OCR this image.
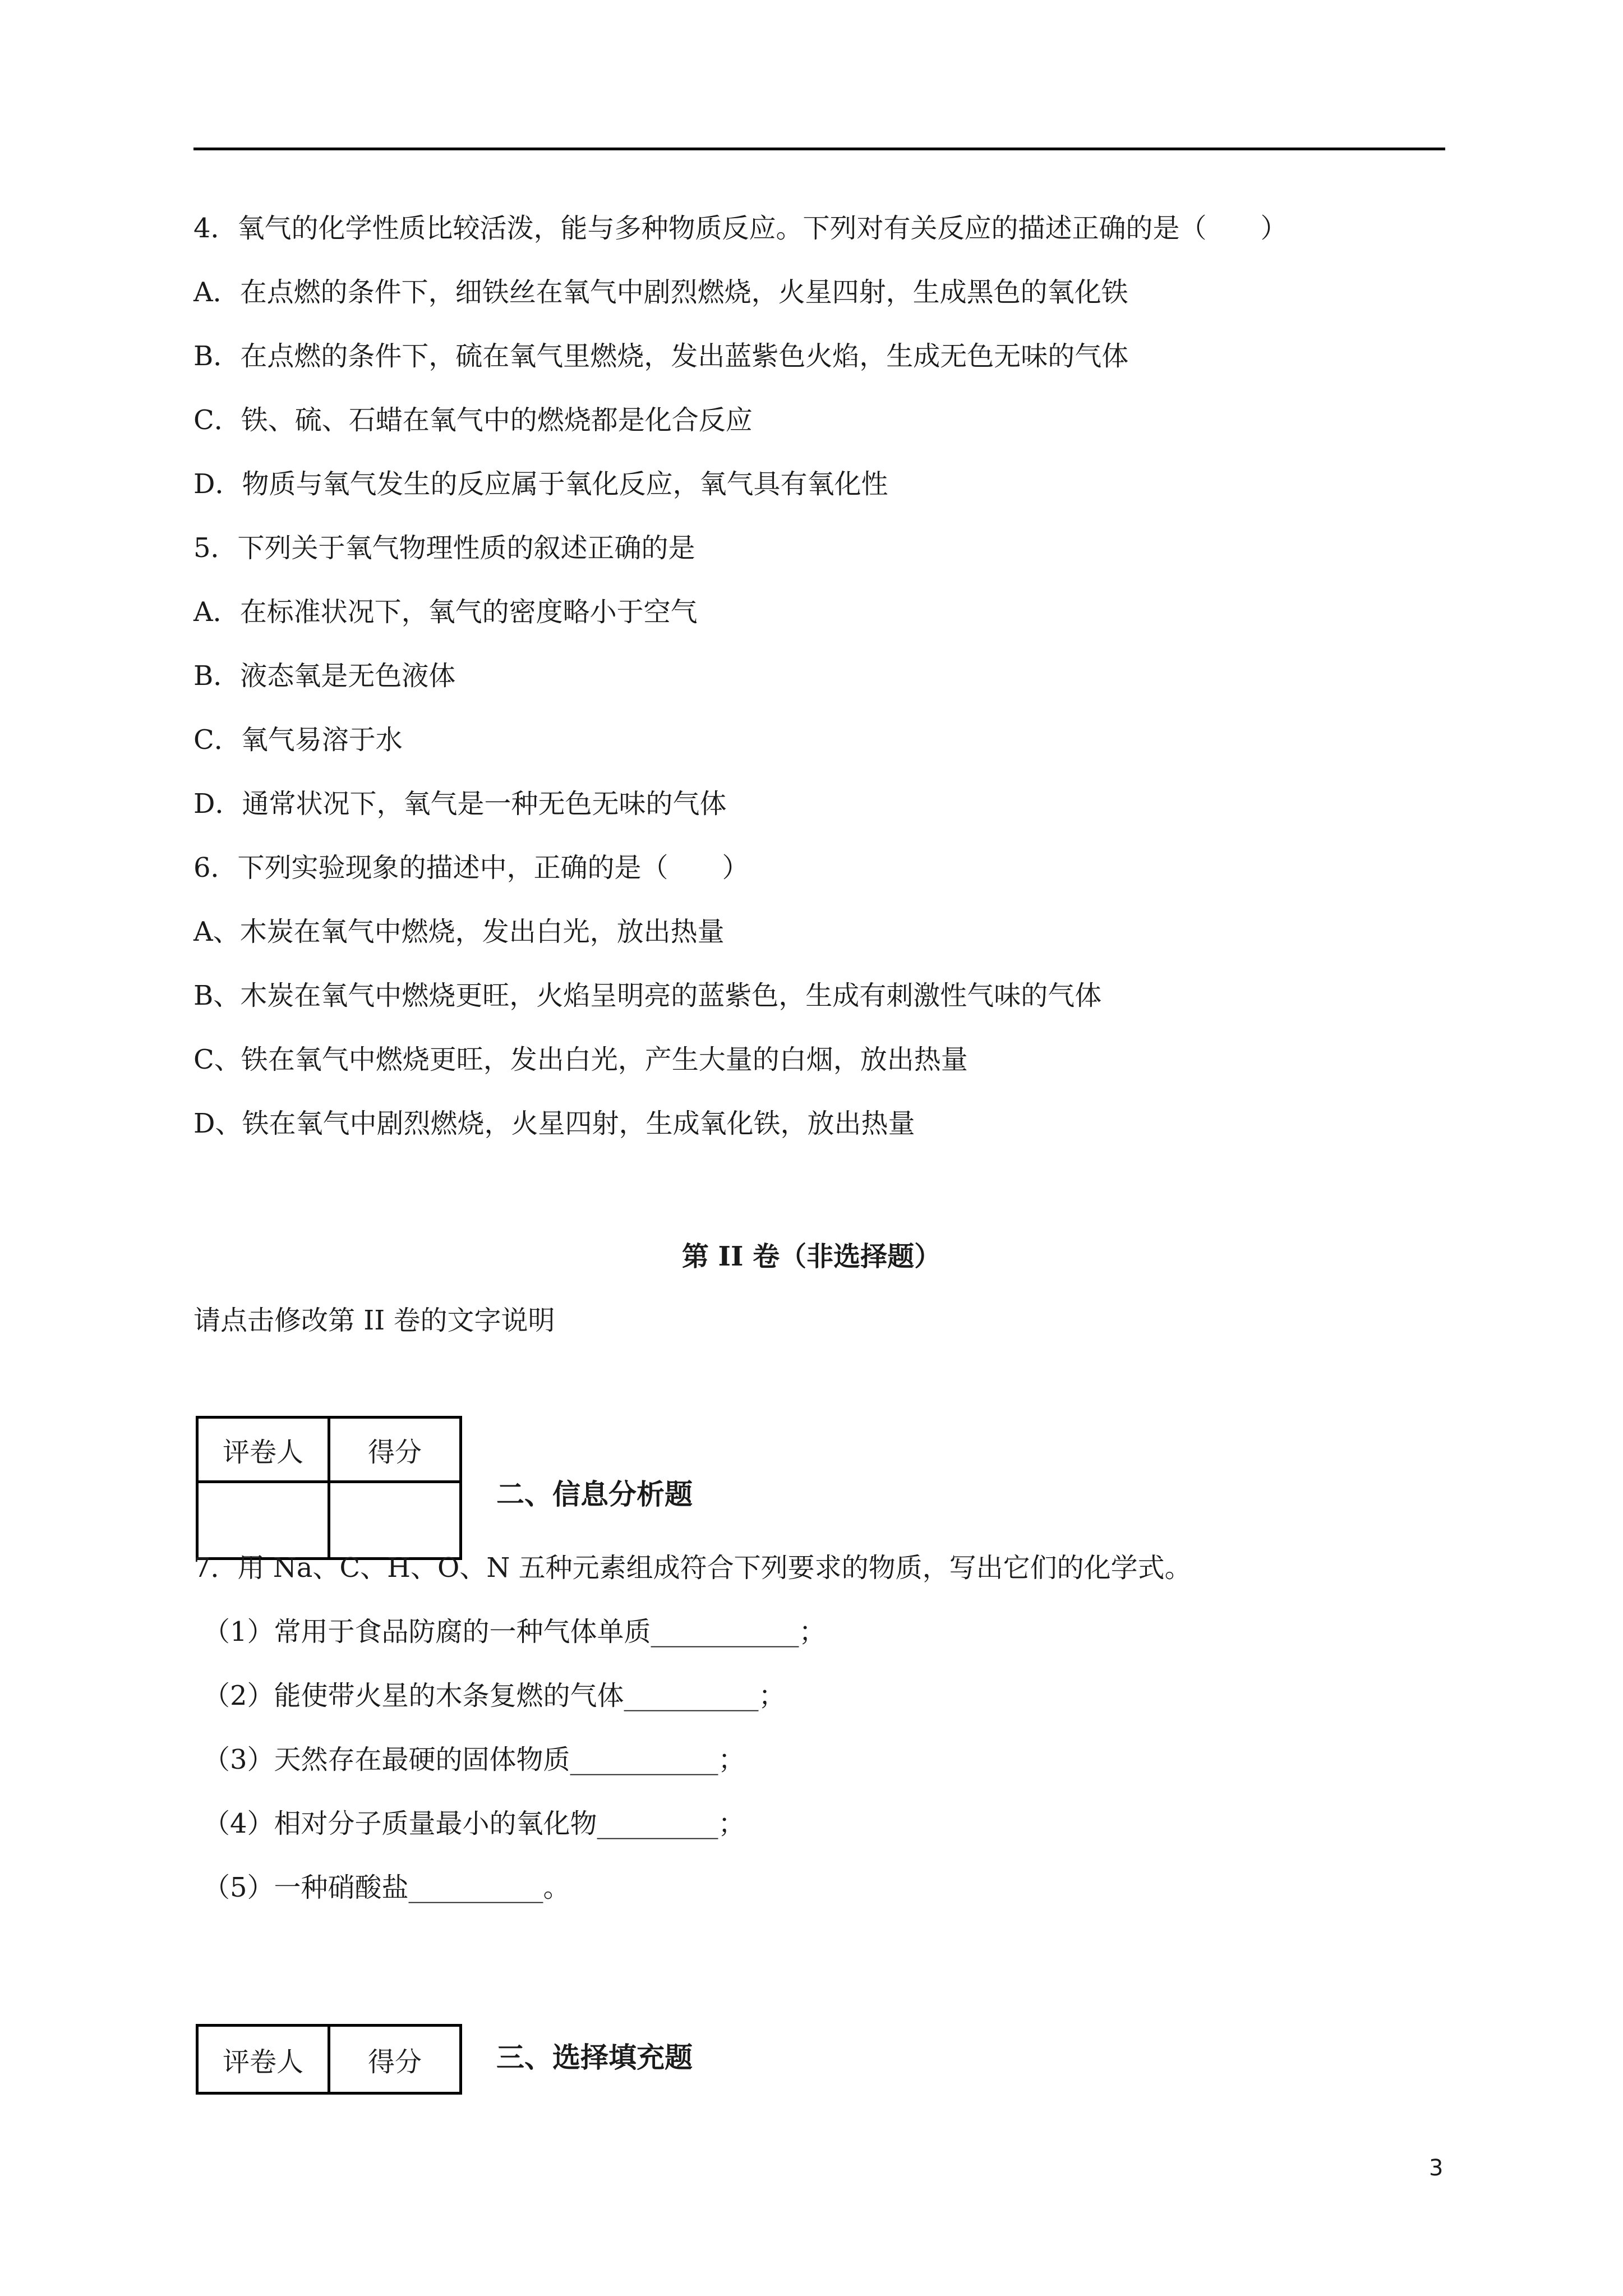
4．氧气的化学性质比较活泼，能与多种物质反应。下列对有关反应的描述正确的是（　　）
A．在点燃的条件下，细铁丝在氧气中剧烈燃烧，火星四射，生成黑色的氧化铁
B．在点燃的条件下，硫在氧气里燃烧，发出蓝紫色火焰，生成无色无味的气体
C．铁、硫、石蜡在氧气中的燃烧都是化合反应
D．物质与氧气发生的反应属于氧化反应，氧气具有氧化性
5．下列关于氧气物理性质的叙述正确的是
A．在标准状况下，氧气的密度略小于空气
B．液态氧是无色液体
C．氧气易溶于水
D．通常状况下，氧气是一种无色无味的气体
6．下列实验现象的描述中，正确的是（　　）
A、木炭在氧气中燃烧，发出白光，放出热量
B、木炭在氧气中燃烧更旺，火焰呈明亮的蓝紫色，生成有刺激性气味的气体
C、铁在氧气中燃烧更旺，发出白光，产生大量的白烟，放出热量
D、铁在氧气中剧烈燃烧，火星四射，生成氧化铁，放出热量
第 II 卷（非选择题）
请点击修改第 II 卷的文字说明
评卷人	得分

二、信息分析题
7．用 Na、C、H、O、N 五种元素组成符合下列要求的物质，写出它们的化学式。
（1）常用于食品防腐的一种气体单质___________；
（2）能使带火星的木条复燃的气体__________；
（3）天然存在最硬的固体物质___________；
（4）相对分子质量最小的氧化物_________；
（5）一种硝酸盐__________。
评卷人	得分	三、选择填充题
3
